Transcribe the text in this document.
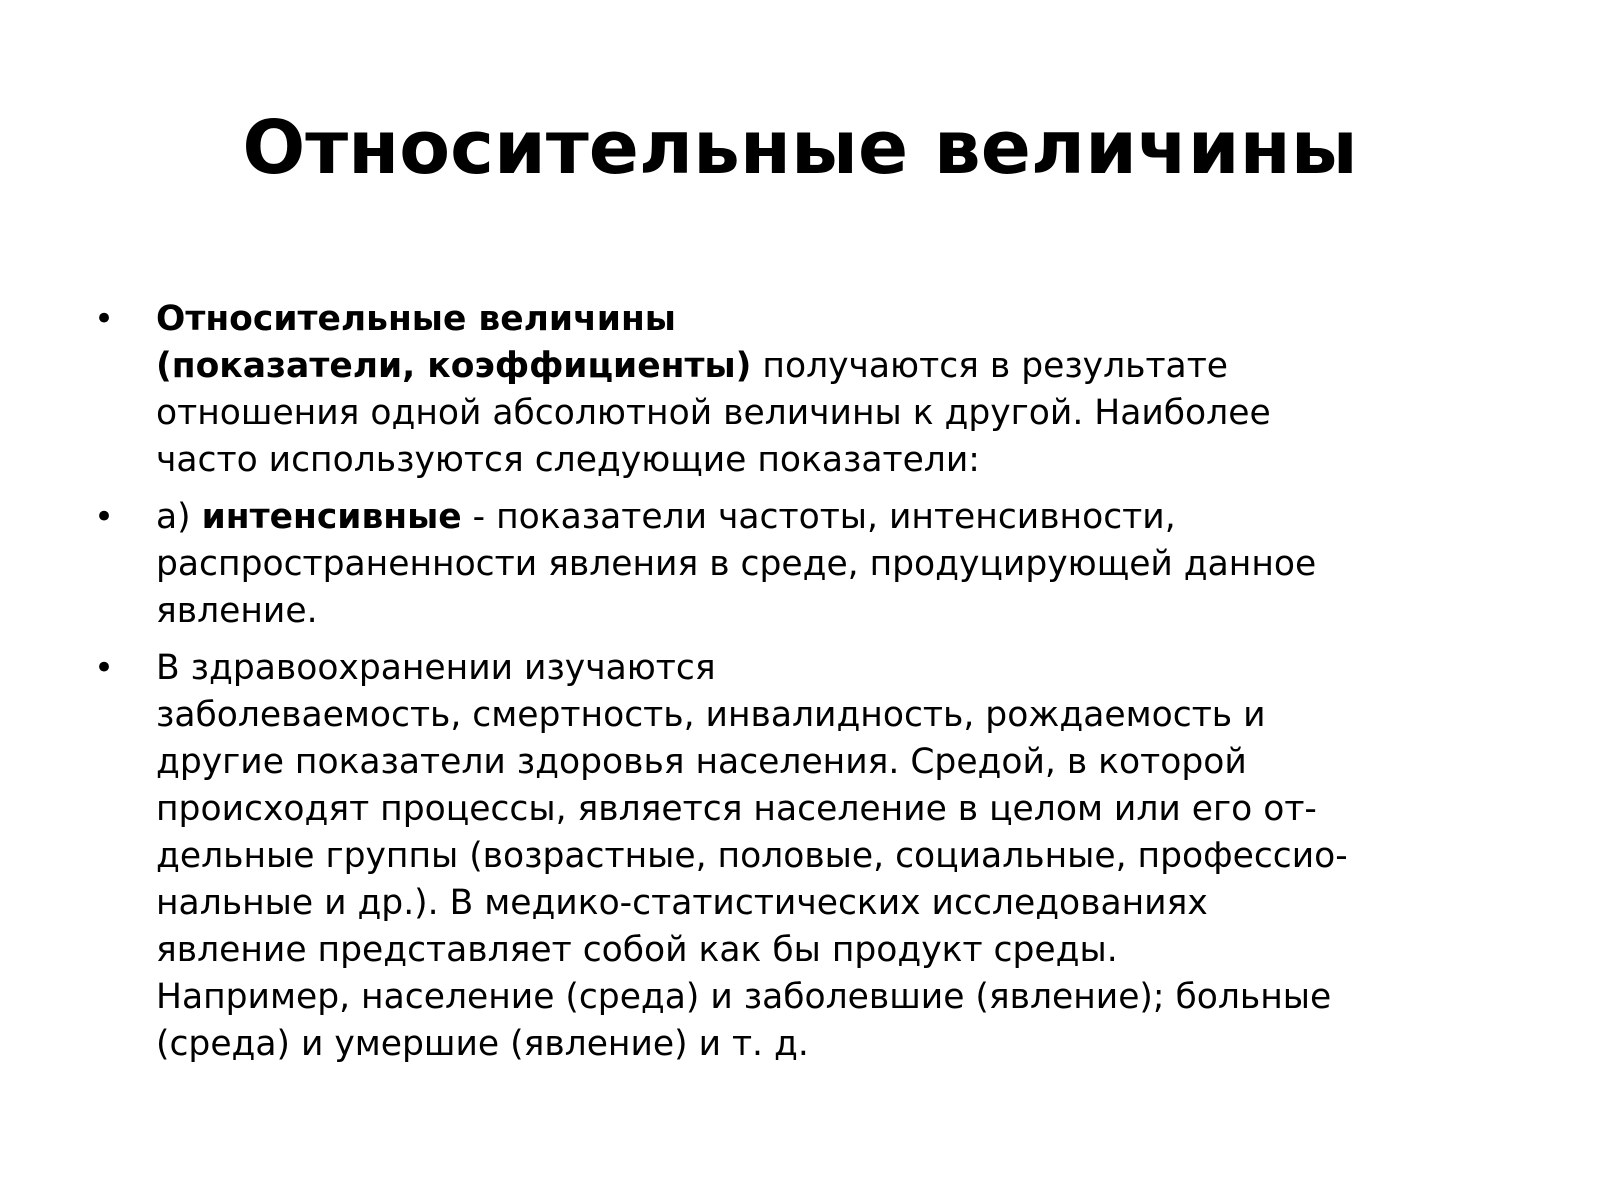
Относительные величины
• Относительные величины
(показатели, коэффициенты) получаются в результате
отношения одной абсолютной величины к другой. Наиболее
часто используются следующие показатели:
• а) интенсивные - показатели частоты, интенсивности,
распространенности явления в среде, продуцирующей данное
явление.
• В здравоохранении изучаются
заболеваемость, смертность, инвалидность, рождаемость и
другие показатели здоровья населения. Средой, в которой
происходят процессы, является население в целом или его от-
дельные группы (возрастные, половые, социальные, профессио-
нальные и др.). В медико-статистических исследованиях
явление представляет собой как бы продукт среды.
Например, население (среда) и заболевшие (явление); больные
(среда) и умершие (явление) и т. д.
